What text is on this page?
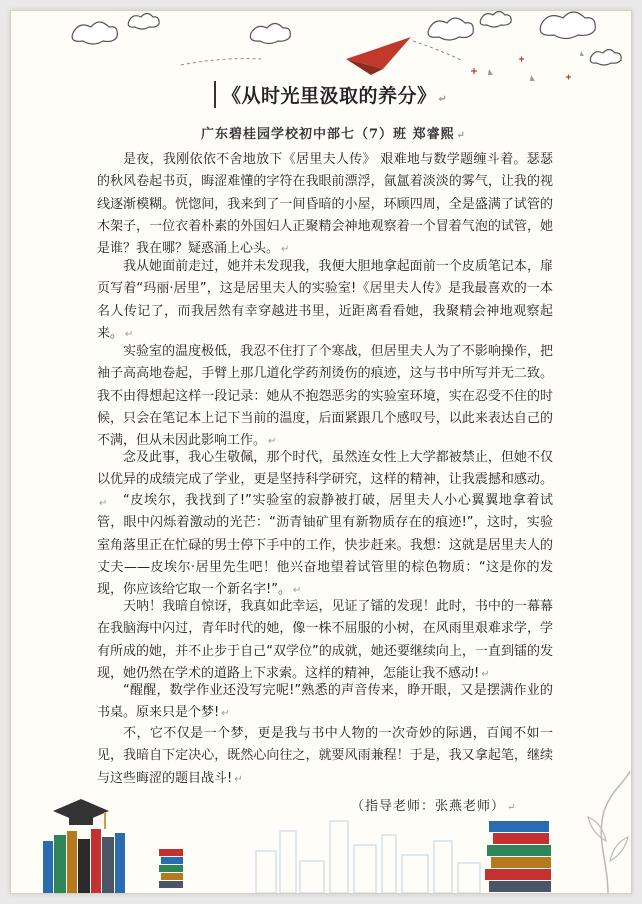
《从时光里汲取的养分》 ↵
广东碧桂园学校初中部七（7）班 郑睿熙 ↵

是夜，我刚依依不舍地放下《居里夫人传》 艰难地与数学题缠斗着。瑟瑟的秋风卷起书页，晦涩难懂的字符在我眼前漂浮，氤氲着淡淡的雾气，让我的视线逐渐模糊。恍惚间，我来到了一间昏暗的小屋，环顾四周，全是盛满了试管的木架子，一位衣着朴素的外国妇人正聚精会神地观察着一个冒着气泡的试管，她是谁？我在哪？疑惑涌上心头。 ↵

我从她面前走过，她并未发现我，我便大胆地拿起面前一个皮质笔记本，扉页写着“玛丽·居里”，这是居里夫人的实验室!《居里夫人传》是我最喜欢的一本名人传记了，而我居然有幸穿越进书里，近距离看看她，我聚精会神地观察起来。 ↵

实验室的温度极低，我忍不住打了个寒战，但居里夫人为了不影响操作，把袖子高高地卷起，手臂上那几道化学药剂烫伤的痕迹，这与书中所写并无二致。我不由得想起这样一段记录：她从不抱怨恶劣的实验室环境，实在忍受不住的时候，只会在笔记本上记下当前的温度，后面紧跟几个感叹号，以此来表达自己的不满，但从未因此影响工作。 ↵

念及此事，我心生敬佩，那个时代，虽然连女性上大学都被禁止，但她不仅以优异的成绩完成了学业，更是坚持科学研究，这样的精神，让我震撼和感动。↵	“皮埃尔，我找到了!”实验室的寂静被打破，居里夫人小心翼翼地拿着试管，眼中闪烁着激动的光芒：“沥青铀矿里有新物质存在的痕迹!”，这时，实验室角落里正在忙碌的男士停下手中的工作，快步赶来。我想：这就是居里夫人的丈夫——皮埃尔·居里先生吧！他兴奋地望着试管里的棕色物质：“这是你的发现，你应该给它取一个新名字!”。 ↵

天呐！我暗自惊讶，我真如此幸运，见证了镭的发现！此时，书中的一幕幕在我脑海中闪过，青年时代的她，像一株不屈服的小树，在风雨里艰难求学，学有所成的她，并不止步于自己“双学位”的成就，她还要继续向上，一直到镭的发现，她仍然在学术的道路上下求索。这样的精神，怎能让我不感动! ↵

“醒醒，数学作业还没写完呢!”熟悉的声音传来，睁开眼，又是摆满作业的书桌。原来只是个梦! ↵

不，它不仅是一个梦，更是我与书中人物的一次奇妙的际遇，百闻不如一见，我暗自下定决心，既然心向往之，就要风雨兼程！于是，我又拿起笔，继续与这些晦涩的题目战斗! ↵

（指导老师：张燕老师） ↵
